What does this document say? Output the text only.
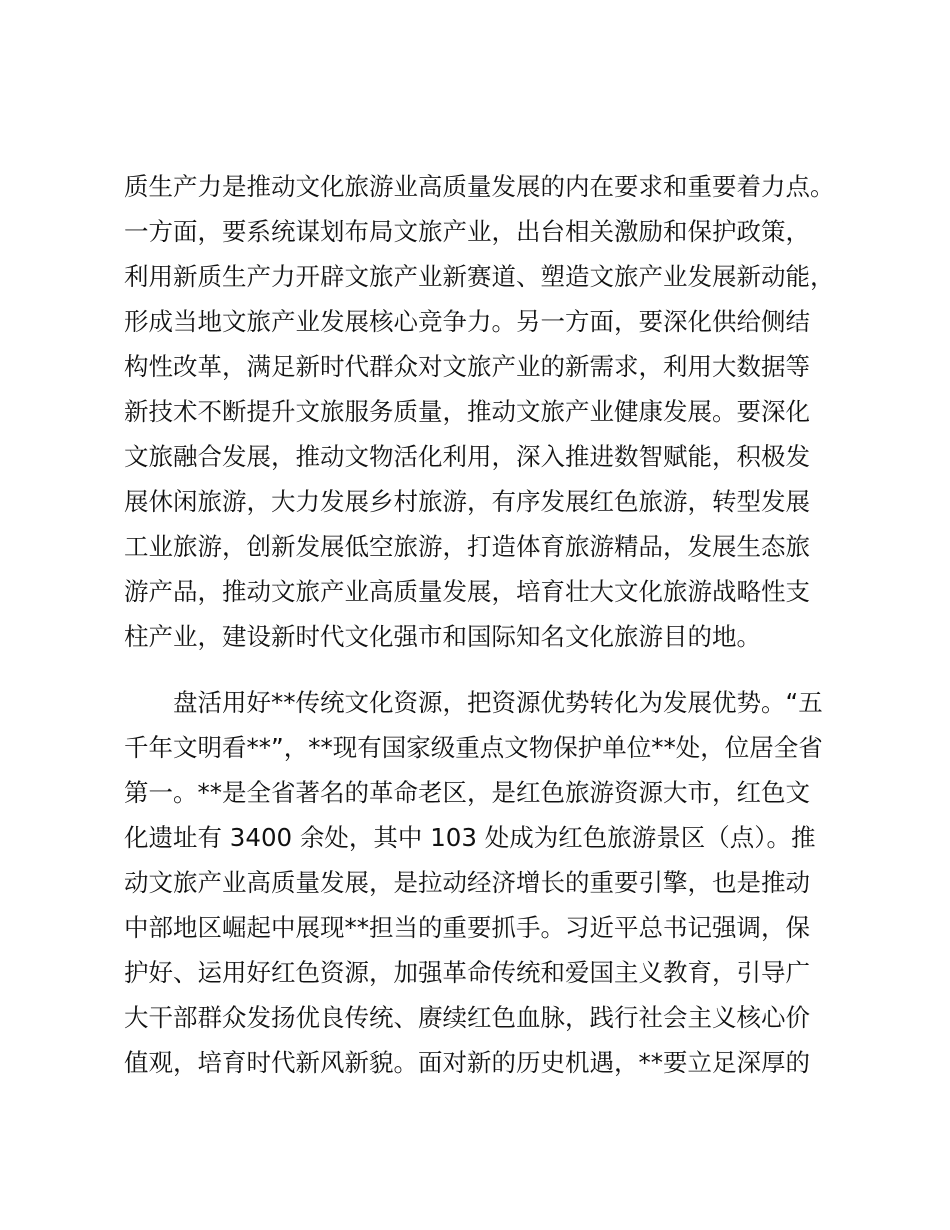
质生产力是推动文化旅游业高质量发展的内在要求和重要着力点。
一方面，要系统谋划布局文旅产业，出台相关激励和保护政策，
利用新质生产力开辟文旅产业新赛道、塑造文旅产业发展新动能，
形成当地文旅产业发展核心竞争力。另一方面，要深化供给侧结
构性改革，满足新时代群众对文旅产业的新需求，利用大数据等
新技术不断提升文旅服务质量，推动文旅产业健康发展。要深化
文旅融合发展，推动文物活化利用，深入推进数智赋能，积极发
展休闲旅游，大力发展乡村旅游，有序发展红色旅游，转型发展
工业旅游，创新发展低空旅游，打造体育旅游精品，发展生态旅
游产品，推动文旅产业高质量发展，培育壮大文化旅游战略性支
柱产业，建设新时代文化强市和国际知名文化旅游目的地。
　　盘活用好**传统文化资源，把资源优势转化为发展优势。“五
千年文明看**”，**现有国家级重点文物保护单位**处，位居全省
第一。**是全省著名的革命老区，是红色旅游资源大市，红色文
化遗址有 3400 余处，其中 103 处成为红色旅游景区（点）。推
动文旅产业高质量发展，是拉动经济增长的重要引擎，也是推动
中部地区崛起中展现**担当的重要抓手。习近平总书记强调，保
护好、运用好红色资源，加强革命传统和爱国主义教育，引导广
大干部群众发扬优良传统、赓续红色血脉，践行社会主义核心价
值观，培育时代新风新貌。面对新的历史机遇，**要立足深厚的
